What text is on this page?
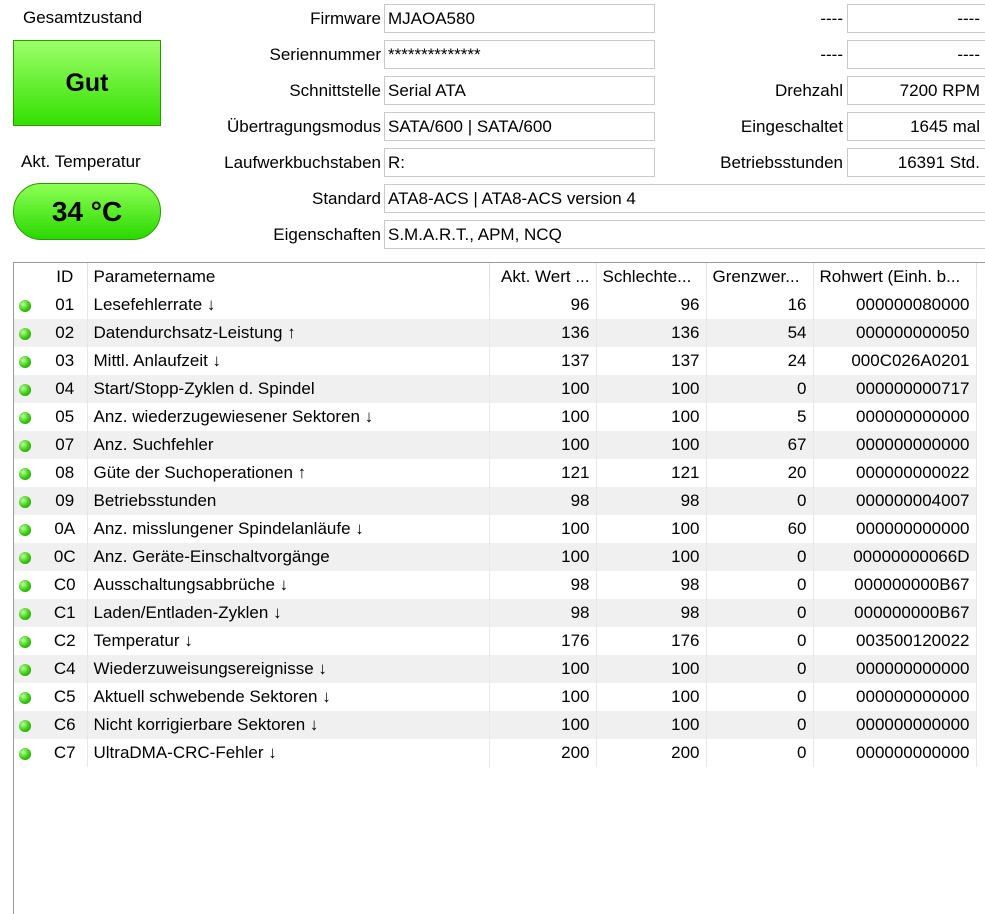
Gesamtzustand
Gut
Akt. Temperatur
34 °C
Firmware MJAOA580
Seriennummer **************
Schnittstelle Serial ATA
Übertragungsmodus SATA/600 | SATA/600
Laufwerkbuchstaben R:
----	----
----	----
Drehzahl	7200 RPM
Eingeschaltet	1645 mal
Betriebsstunden	16391 Std.
Standard ATA8-ACS | ATA8-ACS version 4
Eigenschaften S.M.A.R.T., APM, NCQ
	ID	Parametername	Akt. Wert ...	Schlechte...	Grenzwer...	Rohwert (Einh. b...
	01	Lesefehlerrate ↓	96	96	16	000000080000
	02	Datendurchsatz-Leistung ↑	136	136	54	000000000050
	03	Mittl. Anlaufzeit ↓	137	137	24	000C026A0201
	04	Start/Stopp-Zyklen d. Spindel	100	100	0	000000000717
	05	Anz. wiederzugewiesener Sektoren ↓	100	100	5	000000000000
	07	Anz. Suchfehler	100	100	67	000000000000
	08	Güte der Suchoperationen ↑	121	121	20	000000000022
	09	Betriebsstunden	98	98	0	000000004007
	0A	Anz. misslungener Spindelanläufe ↓	100	100	60	000000000000
	0C	Anz. Geräte-Einschaltvorgänge	100	100	0	00000000066D
	C0	Ausschaltungsabbrüche ↓	98	98	0	000000000B67
	C1	Laden/Entladen-Zyklen ↓	98	98	0	000000000B67
	C2	Temperatur ↓	176	176	0	003500120022
	C4	Wiederzuweisungsereignisse ↓	100	100	0	000000000000
	C5	Aktuell schwebende Sektoren ↓	100	100	0	000000000000
	C6	Nicht korrigierbare Sektoren ↓	100	100	0	000000000000
	C7	UltraDMA-CRC-Fehler ↓	200	200	0	000000000000
